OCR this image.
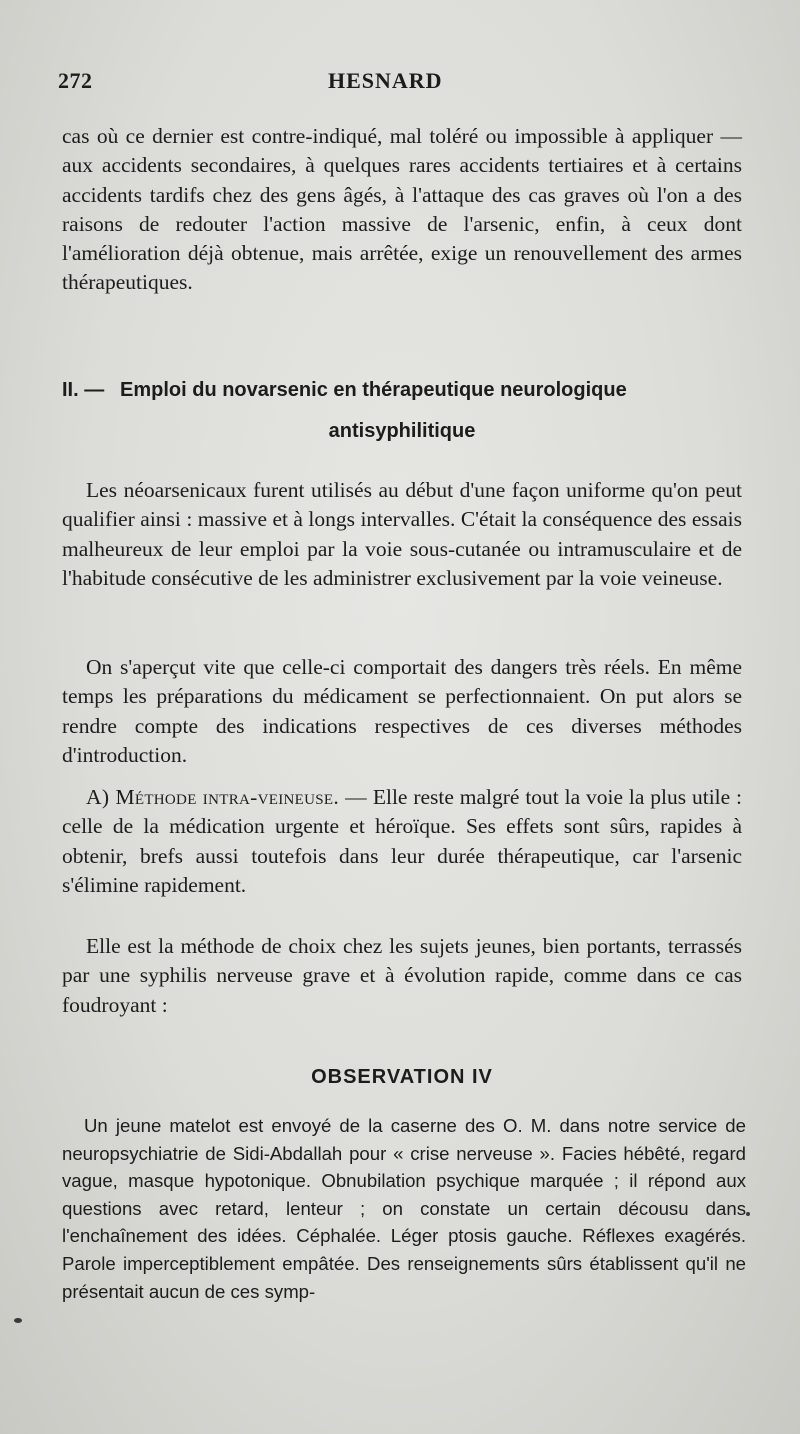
272	HESNARD

cas où ce dernier est contre-indiqué, mal toléré ou impossible à appliquer — aux accidents secondaires, à quelques rares accidents tertiaires et à certains accidents tardifs chez des gens âgés, à l'attaque des cas graves où l'on a des raisons de redouter l'action massive de l'arsenic, enfin, à ceux dont l'amélioration déjà obtenue, mais arrêtée, exige un renouvellement des armes thérapeutiques.

II. — Emploi du novarsenic en thérapeutique neurologique
antisyphilitique

Les néoarsenicaux furent utilisés au début d'une façon uniforme qu'on peut qualifier ainsi : massive et à longs intervalles. C'était la conséquence des essais malheureux de leur emploi par la voie sous-cutanée ou intramusculaire et de l'habitude consécutive de les administrer exclusivement par la voie veineuse.

On s'aperçut vite que celle-ci comportait des dangers très réels. En même temps les préparations du médicament se perfectionnaient. On put alors se rendre compte des indications respectives de ces diverses méthodes d'introduction.

A) Méthode intra-veineuse. — Elle reste malgré tout la voie la plus utile : celle de la médication urgente et héroïque. Ses effets sont sûrs, rapides à obtenir, brefs aussi toutefois dans leur durée thérapeutique, car l'arsenic s'élimine rapidement.

Elle est la méthode de choix chez les sujets jeunes, bien portants, terrassés par une syphilis nerveuse grave et à évolution rapide, comme dans ce cas foudroyant :

OBSERVATION IV

Un jeune matelot est envoyé de la caserne des O. M. dans notre service de neuropsychiatrie de Sidi-Abdallah pour « crise nerveuse ». Facies hébêté, regard vague, masque hypotonique. Obnubilation psychique marquée ; il répond aux questions avec retard, lenteur ; on constate un certain décousu dans l'enchaînement des idées. Céphalée. Léger ptosis gauche. Réflexes exagérés. Parole imperceptiblement empâtée. Des renseignements sûrs établissent qu'il ne présentait aucun de ces symp-
